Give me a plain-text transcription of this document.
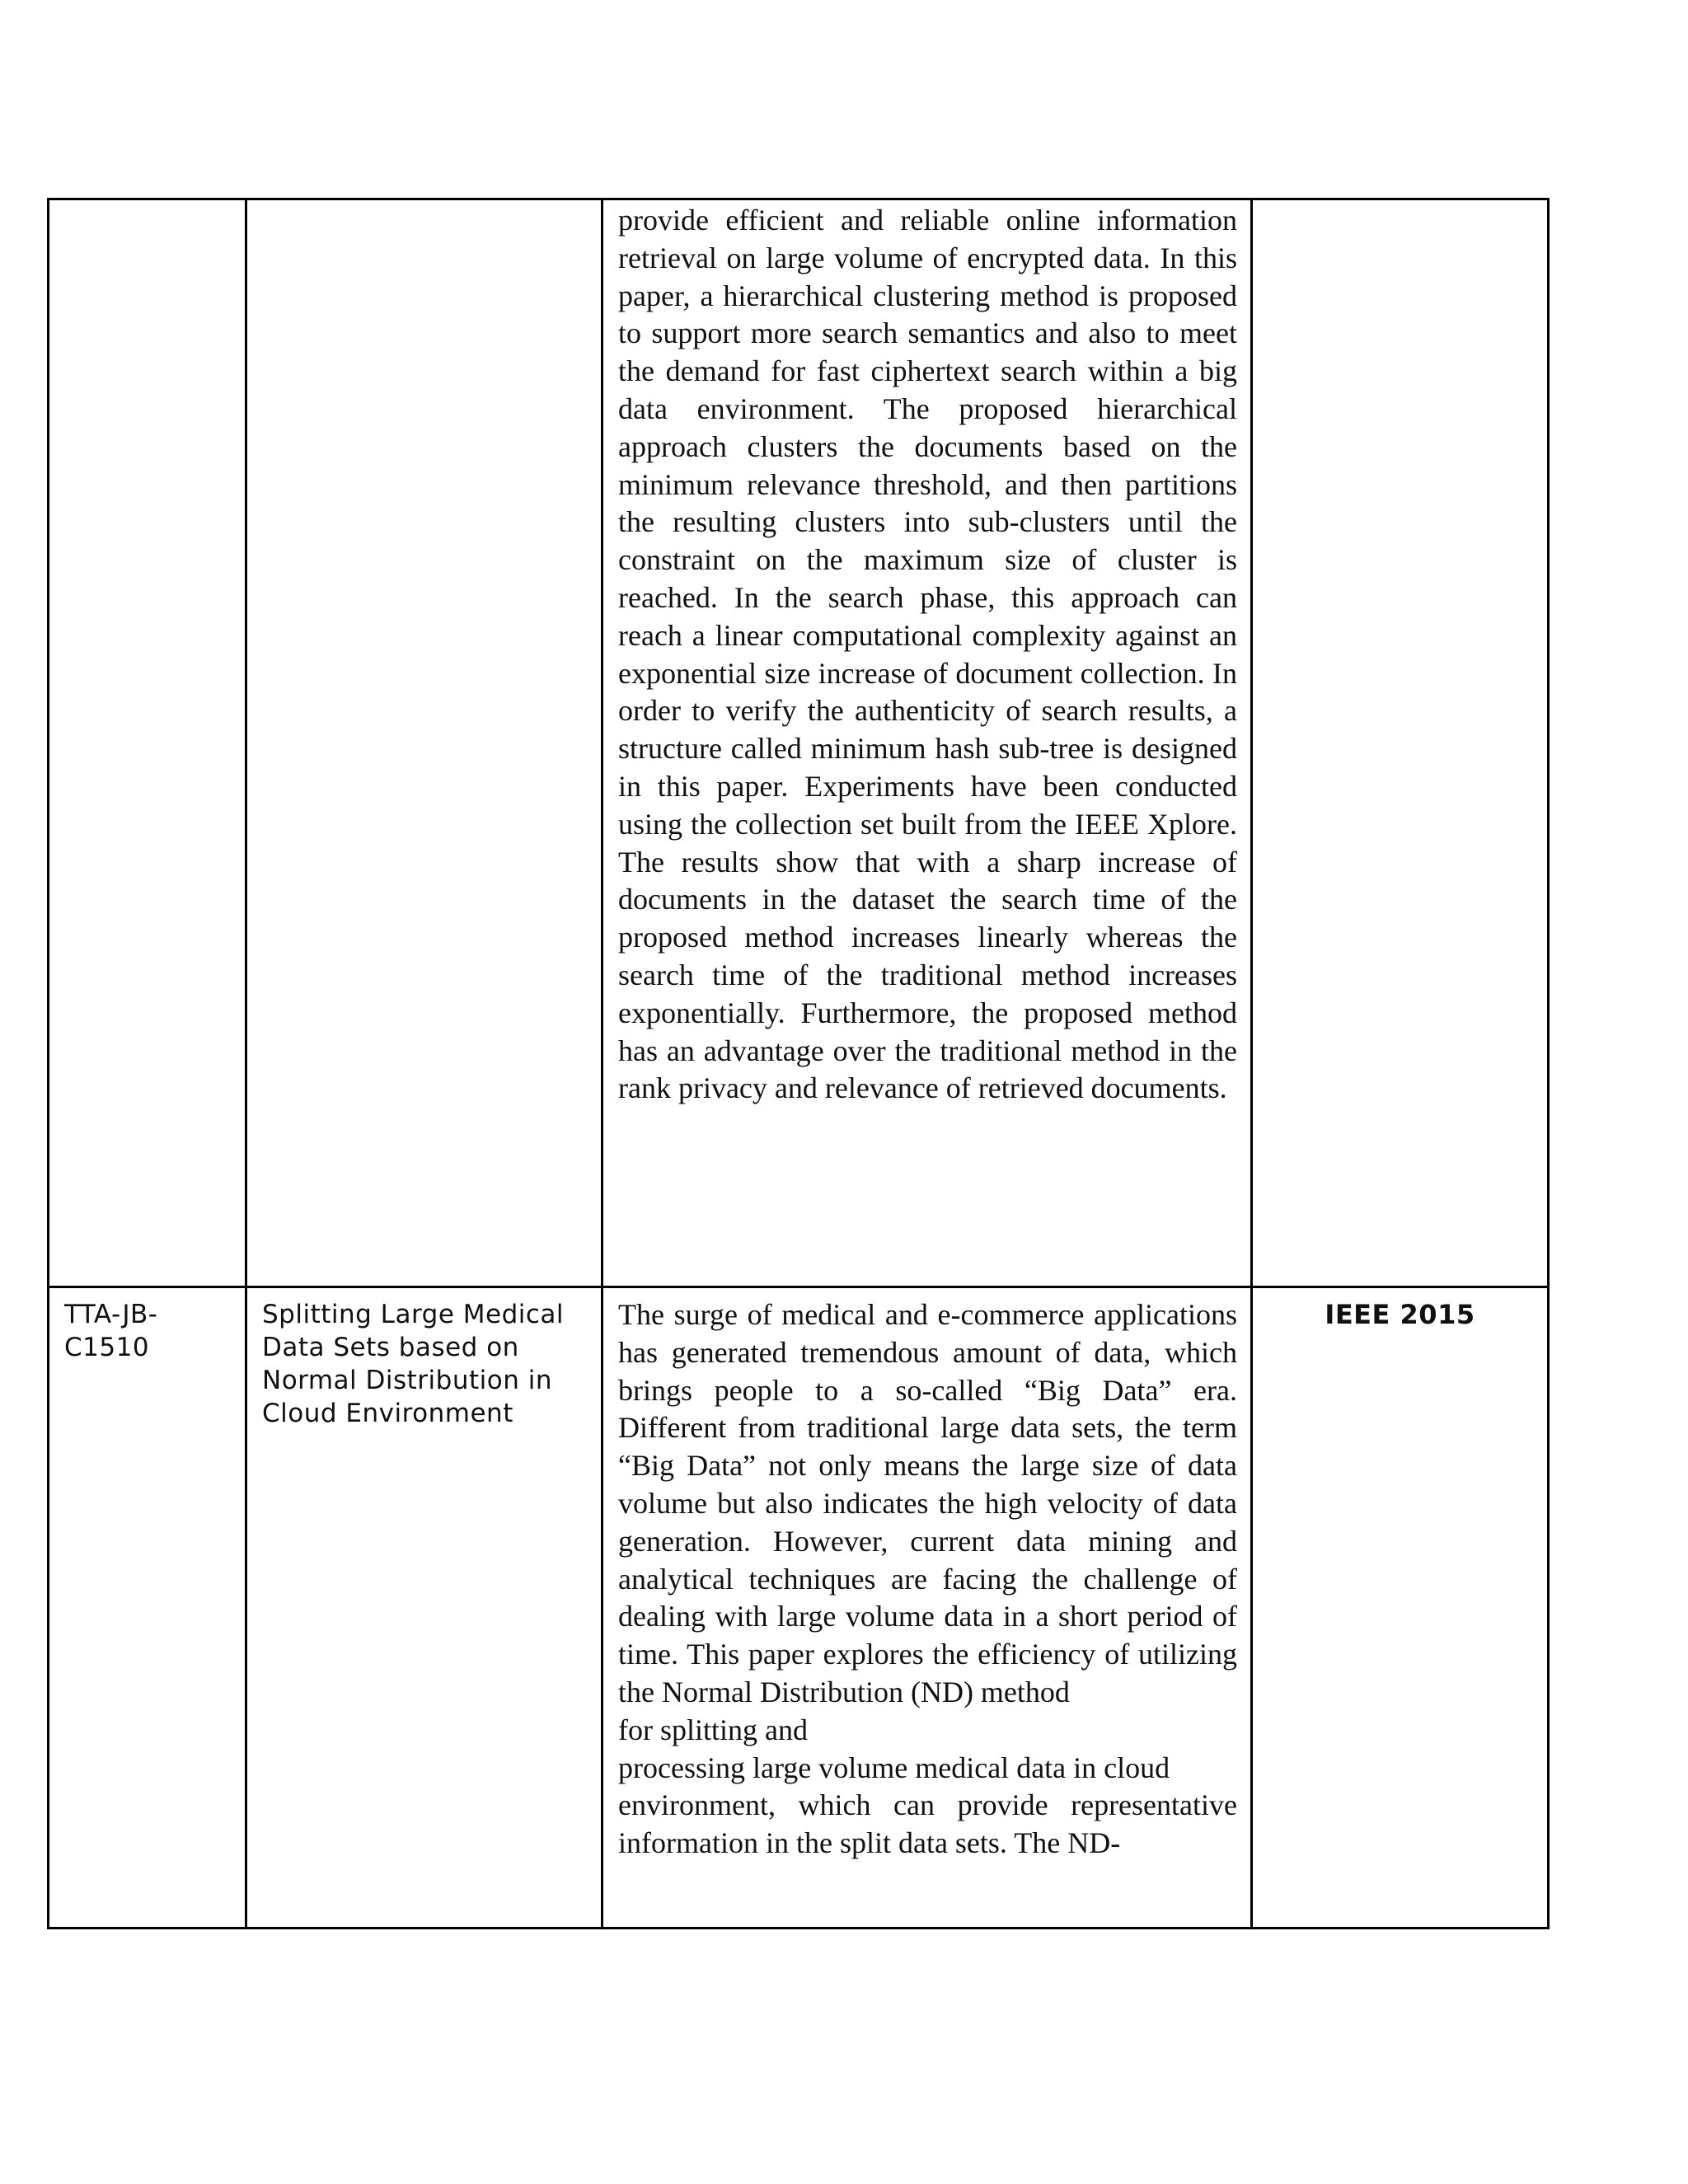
		provide efficient and reliable online information retrieval on large volume of encrypted data. In this paper, a hierarchical clustering method is proposed to support more search semantics and also to meet the demand for fast ciphertext search within a big data environment. The proposed hierarchical approach clusters the documents based on the minimum relevance threshold, and then partitions the resulting clusters into sub-clusters until the constraint on the maximum size of cluster is reached. In the search phase, this approach can reach a linear computational complexity against an exponential size increase of document collection. In order to verify the authenticity of search results, a structure called minimum hash sub-tree is designed in this paper. Experiments have been conducted using the collection set built from the IEEE Xplore. The results show that with a sharp increase of documents in the dataset the search time of the proposed method increases linearly whereas the search time of the traditional method increases exponentially. Furthermore, the proposed method has an advantage over the traditional method in the rank privacy and relevance of retrieved documents.	

TTA-JB-
C1510	Splitting Large Medical Data Sets based on Normal Distribution in Cloud Environment	The surge of medical and e-commerce applications has generated tremendous amount of data, which brings people to a so-called “Big Data” era. Different from traditional large data sets, the term “Big Data” not only means the large size of data volume but also indicates the high velocity of data generation. However, current data mining and analytical techniques are facing the challenge of dealing with large volume data in a short period of time. This paper explores the efficiency of utilizing the Normal Distribution (ND) method
for splitting and
processing large volume medical data in cloud
environment, which can provide representative information in the split data sets. The ND-	IEEE 2015
